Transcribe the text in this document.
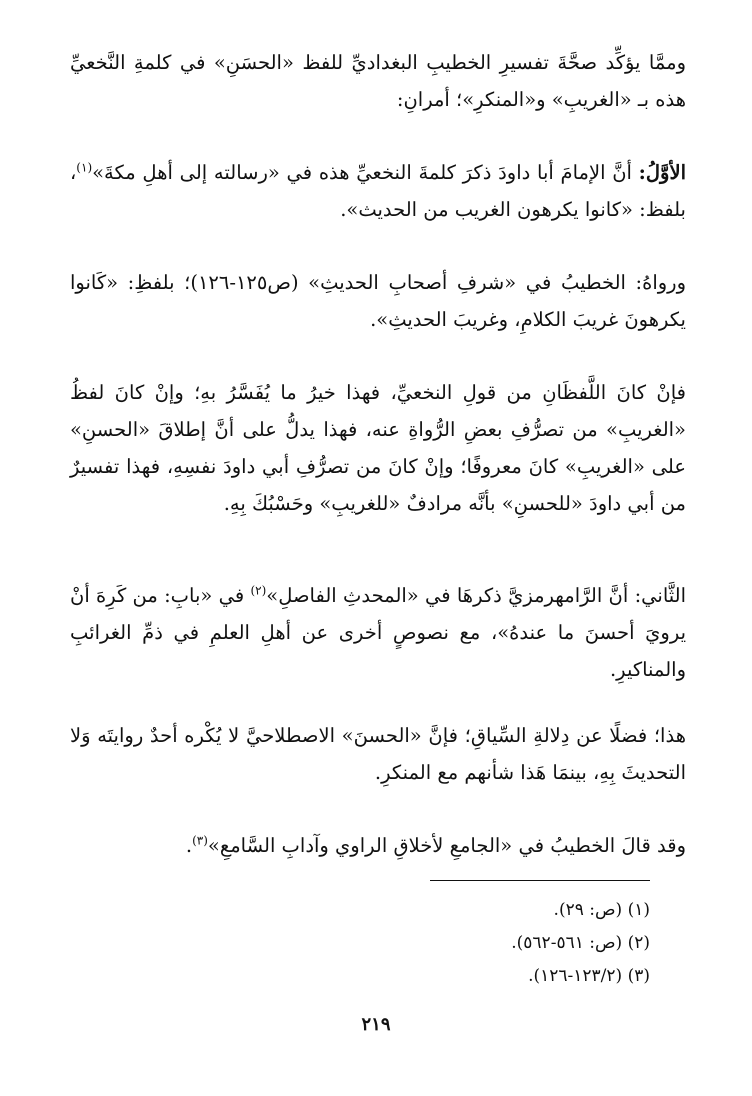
وممَّا يؤكِّد صحَّةَ تفسيرِ الخطيبِ البغداديِّ للفظ «الحسَنِ» في كلمةِ النَّخعيِّ هذه بـ «الغريبِ» و«المنكرِ»؛ أمرانِ:

الأوَّلُ: أنَّ الإمامَ أبا داودَ ذكرَ كلمةَ النخعيِّ هذه في «رسالته إلى أهلِ مكةَ»$^{(١)}$، بلفظ: «كانوا يكرهون الغريب من الحديث».

ورواهُ: الخطيبُ في «شرفِ أصحابِ الحديثِ» (ص١٢٥-١٢٦)؛ بلفظِ: «كَانوا يكرهونَ غريبَ الكلامِ، وغريبَ الحديثِ».

فإنْ كانَ اللَّفظَانِ من قولِ النخعيِّ، فهذا خيرُ ما يُفَسَّرُ بهِ؛ وإنْ كانَ لفظُ «الغريبِ» من تصرُّفِ بعضِ الرُّواةِ عنه، فهذا يدلُّ على أنَّ إطلاقَ «الحسنِ» على «الغريبِ» كانَ معروفًا؛ وإنْ كانَ من تصرُّفِ أبي داودَ نفسِهِ، فهذا تفسيرٌ من أبي داودَ «للحسنِ» بأنَّه مرادفٌ «للغريبِ» وحَسْبُكَ بِهِ.

الثَّاني: أنَّ الرَّامهرمزيَّ ذكرهَا في «المحدثِ الفاصلِ»$^{(٢)}$ في «بابِ: من كَرِهَ أنْ يرويَ أحسنَ ما عندهُ»، مع نصوصٍ أخرى عن أهلِ العلمِ في ذمِّ الغرائبِ والمناكيرِ.

هذا؛ فضلًا عن دِلالةِ السِّياقِ؛ فإنَّ «الحسنَ» الاصطلاحيَّ لا يُكْره أحدٌ روايتَه وَلا التحديثَ بِهِ، بينمَا هَذا شأنهم مع المنكرِ.

وقد قالَ الخطيبُ في «الجامعِ لأخلاقِ الراوي وآدابِ السَّامعِ»$^{(٣)}$.

(١) (ص: ٢٩).
(٢) (ص: ٥٦١-٥٦٢).
(٣) (١٢٣/٢-١٢٦).
٢١٩
